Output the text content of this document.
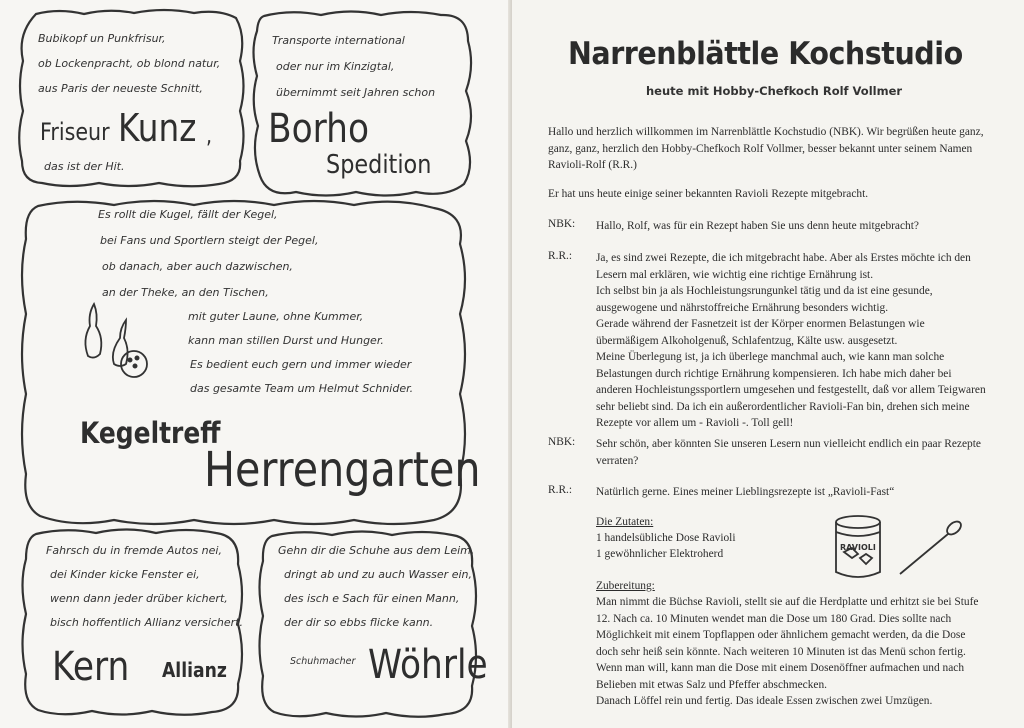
Bubikopf un Punkfrisur,
ob Lockenpracht, ob blond natur,
aus Paris der neueste Schnitt,
Friseur Kunz ,
das ist der Hit.
Transporte international
oder nur im Kinzigtal,
übernimmt seit Jahren schon
Borho
Spedition
Es rollt die Kugel, fällt der Kegel,
bei Fans und Sportlern steigt der Pegel,
ob danach, aber auch dazwischen,
an der Theke, an den Tischen,
mit guter Laune, ohne Kummer,
kann man stillen Durst und Hunger.
Es bedient euch gern und immer wieder
das gesamte Team um Helmut Schnider.
Kegeltreff
Herrengarten
Fahrsch du in fremde Autos nei,
dei Kinder kicke Fenster ei,
wenn dann jeder drüber kichert,
bisch hoffentlich Allianz versichert.
Kern Allianz
Gehn dir die Schuhe aus dem Leim,
dringt ab und zu auch Wasser ein,
des isch e Sach für einen Mann,
der dir so ebbs flicke kann.
Schuhmacher Wöhrle
Narrenblättle Kochstudio
heute mit Hobby-Chefkoch Rolf Vollmer
Hallo und herzlich willkommen im Narrenblättle Kochstudio (NBK). Wir begrüßen heute ganz, ganz, ganz, herzlich den Hobby-Chefkoch Rolf Vollmer, besser bekannt unter seinem Namen Ravioli-Rolf (R.R.)
Er hat uns heute einige seiner bekannten Ravioli Rezepte mitgebracht.
NBK: Hallo, Rolf, was für ein Rezept haben Sie uns denn heute mitgebracht?
R.R.: Ja, es sind zwei Rezepte, die ich mitgebracht habe. Aber als Erstes möchte ich den Lesern mal erklären, wie wichtig eine richtige Ernährung ist.
Ich selbst bin ja als Hochleistungsrungunkel tätig und da ist eine gesunde, ausgewogene und nährstoffreiche Ernährung besonders wichtig.
Gerade während der Fasnetzeit ist der Körper enormen Belastungen wie übermäßigem Alkoholgenuß, Schlafentzug, Kälte usw. ausgesetzt.
Meine Überlegung ist, ja ich überlege manchmal auch, wie kann man solche Belastungen durch richtige Ernährung kompensieren. Ich habe mich daher bei anderen Hochleistungssportlern umgesehen und festgestellt, daß vor allem Teigwaren sehr beliebt sind. Da ich ein außerordentlicher Ravioli-Fan bin, drehen sich meine Rezepte vor allem um - Ravioli -. Toll gell!
NBK: Sehr schön, aber könnten Sie unseren Lesern nun vielleicht endlich ein paar Rezepte verraten?
R.R.: Natürlich gerne. Eines meiner Lieblingsrezepte ist „Ravioli-Fast“
Die Zutaten:
1 handelsübliche Dose Ravioli
1 gewöhnlicher Elektroherd
RAVIOLI
Zubereitung:
Man nimmt die Büchse Ravioli, stellt sie auf die Herdplatte und erhitzt sie bei Stufe 12. Nach ca. 10 Minuten wendet man die Dose um 180 Grad. Dies sollte nach Möglichkeit mit einem Topflappen oder ähnlichem gemacht werden, da die Dose doch sehr heiß sein könnte. Nach weiteren 10 Minuten ist das Menü schon fertig. Wenn man will, kann man die Dose mit einem Dosenöffner aufmachen und nach Belieben mit etwas Salz und Pfeffer abschmecken.
Danach Löffel rein und fertig. Das ideale Essen zwischen zwei Umzügen.
